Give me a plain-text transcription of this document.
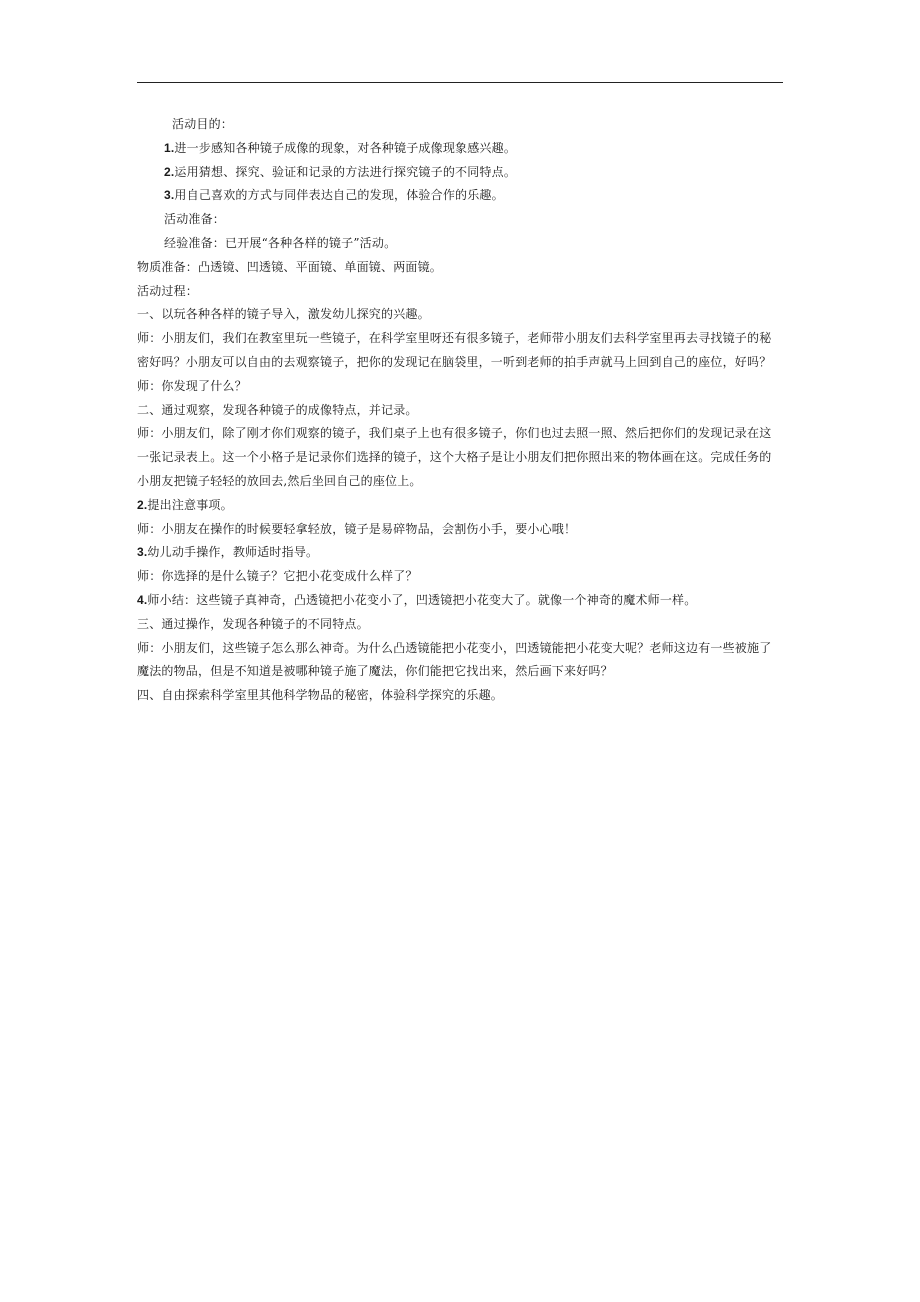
活动目的：

1.进一步感知各种镜子成像的现象，对各种镜子成像现象感兴趣。

2.运用猜想、探究、验证和记录的方法进行探究镜子的不同特点。

3.用自己喜欢的方式与同伴表达自己的发现，体验合作的乐趣。

活动准备：

经验准备：已开展“各种各样的镜子”活动。

物质准备：凸透镜、凹透镜、平面镜、单面镜、两面镜。

活动过程：

一、以玩各种各样的镜子导入，激发幼儿探究的兴趣。

师：小朋友们，我们在教室里玩一些镜子，在科学室里呀还有很多镜子，老师带小朋友们去科学室里再去寻找镜子的秘密好吗？小朋友可以自由的去观察镜子，把你的发现记在脑袋里，一听到老师的拍手声就马上回到自己的座位，好吗？

师：你发现了什么？

二、通过观察，发现各种镜子的成像特点，并记录。

师：小朋友们，除了刚才你们观察的镜子，我们桌子上也有很多镜子，你们也过去照一照、然后把你们的发现记录在这一张记录表上。这一个小格子是记录你们选择的镜子，这个大格子是让小朋友们把你照出来的物体画在这。完成任务的小朋友把镜子轻轻的放回去,然后坐回自己的座位上。

2.提出注意事项。

师：小朋友在操作的时候要轻拿轻放，镜子是易碎物品，会割伤小手，要小心哦！

3.幼儿动手操作，教师适时指导。

师：你选择的是什么镜子？它把小花变成什么样了？

4.师小结：这些镜子真神奇，凸透镜把小花变小了，凹透镜把小花变大了。就像一个神奇的魔术师一样。

三、通过操作，发现各种镜子的不同特点。

师：小朋友们，这些镜子怎么那么神奇。为什么凸透镜能把小花变小，凹透镜能把小花变大呢？老师这边有一些被施了魔法的物品，但是不知道是被哪种镜子施了魔法，你们能把它找出来，然后画下来好吗？

四、自由探索科学室里其他科学物品的秘密，体验科学探究的乐趣。
